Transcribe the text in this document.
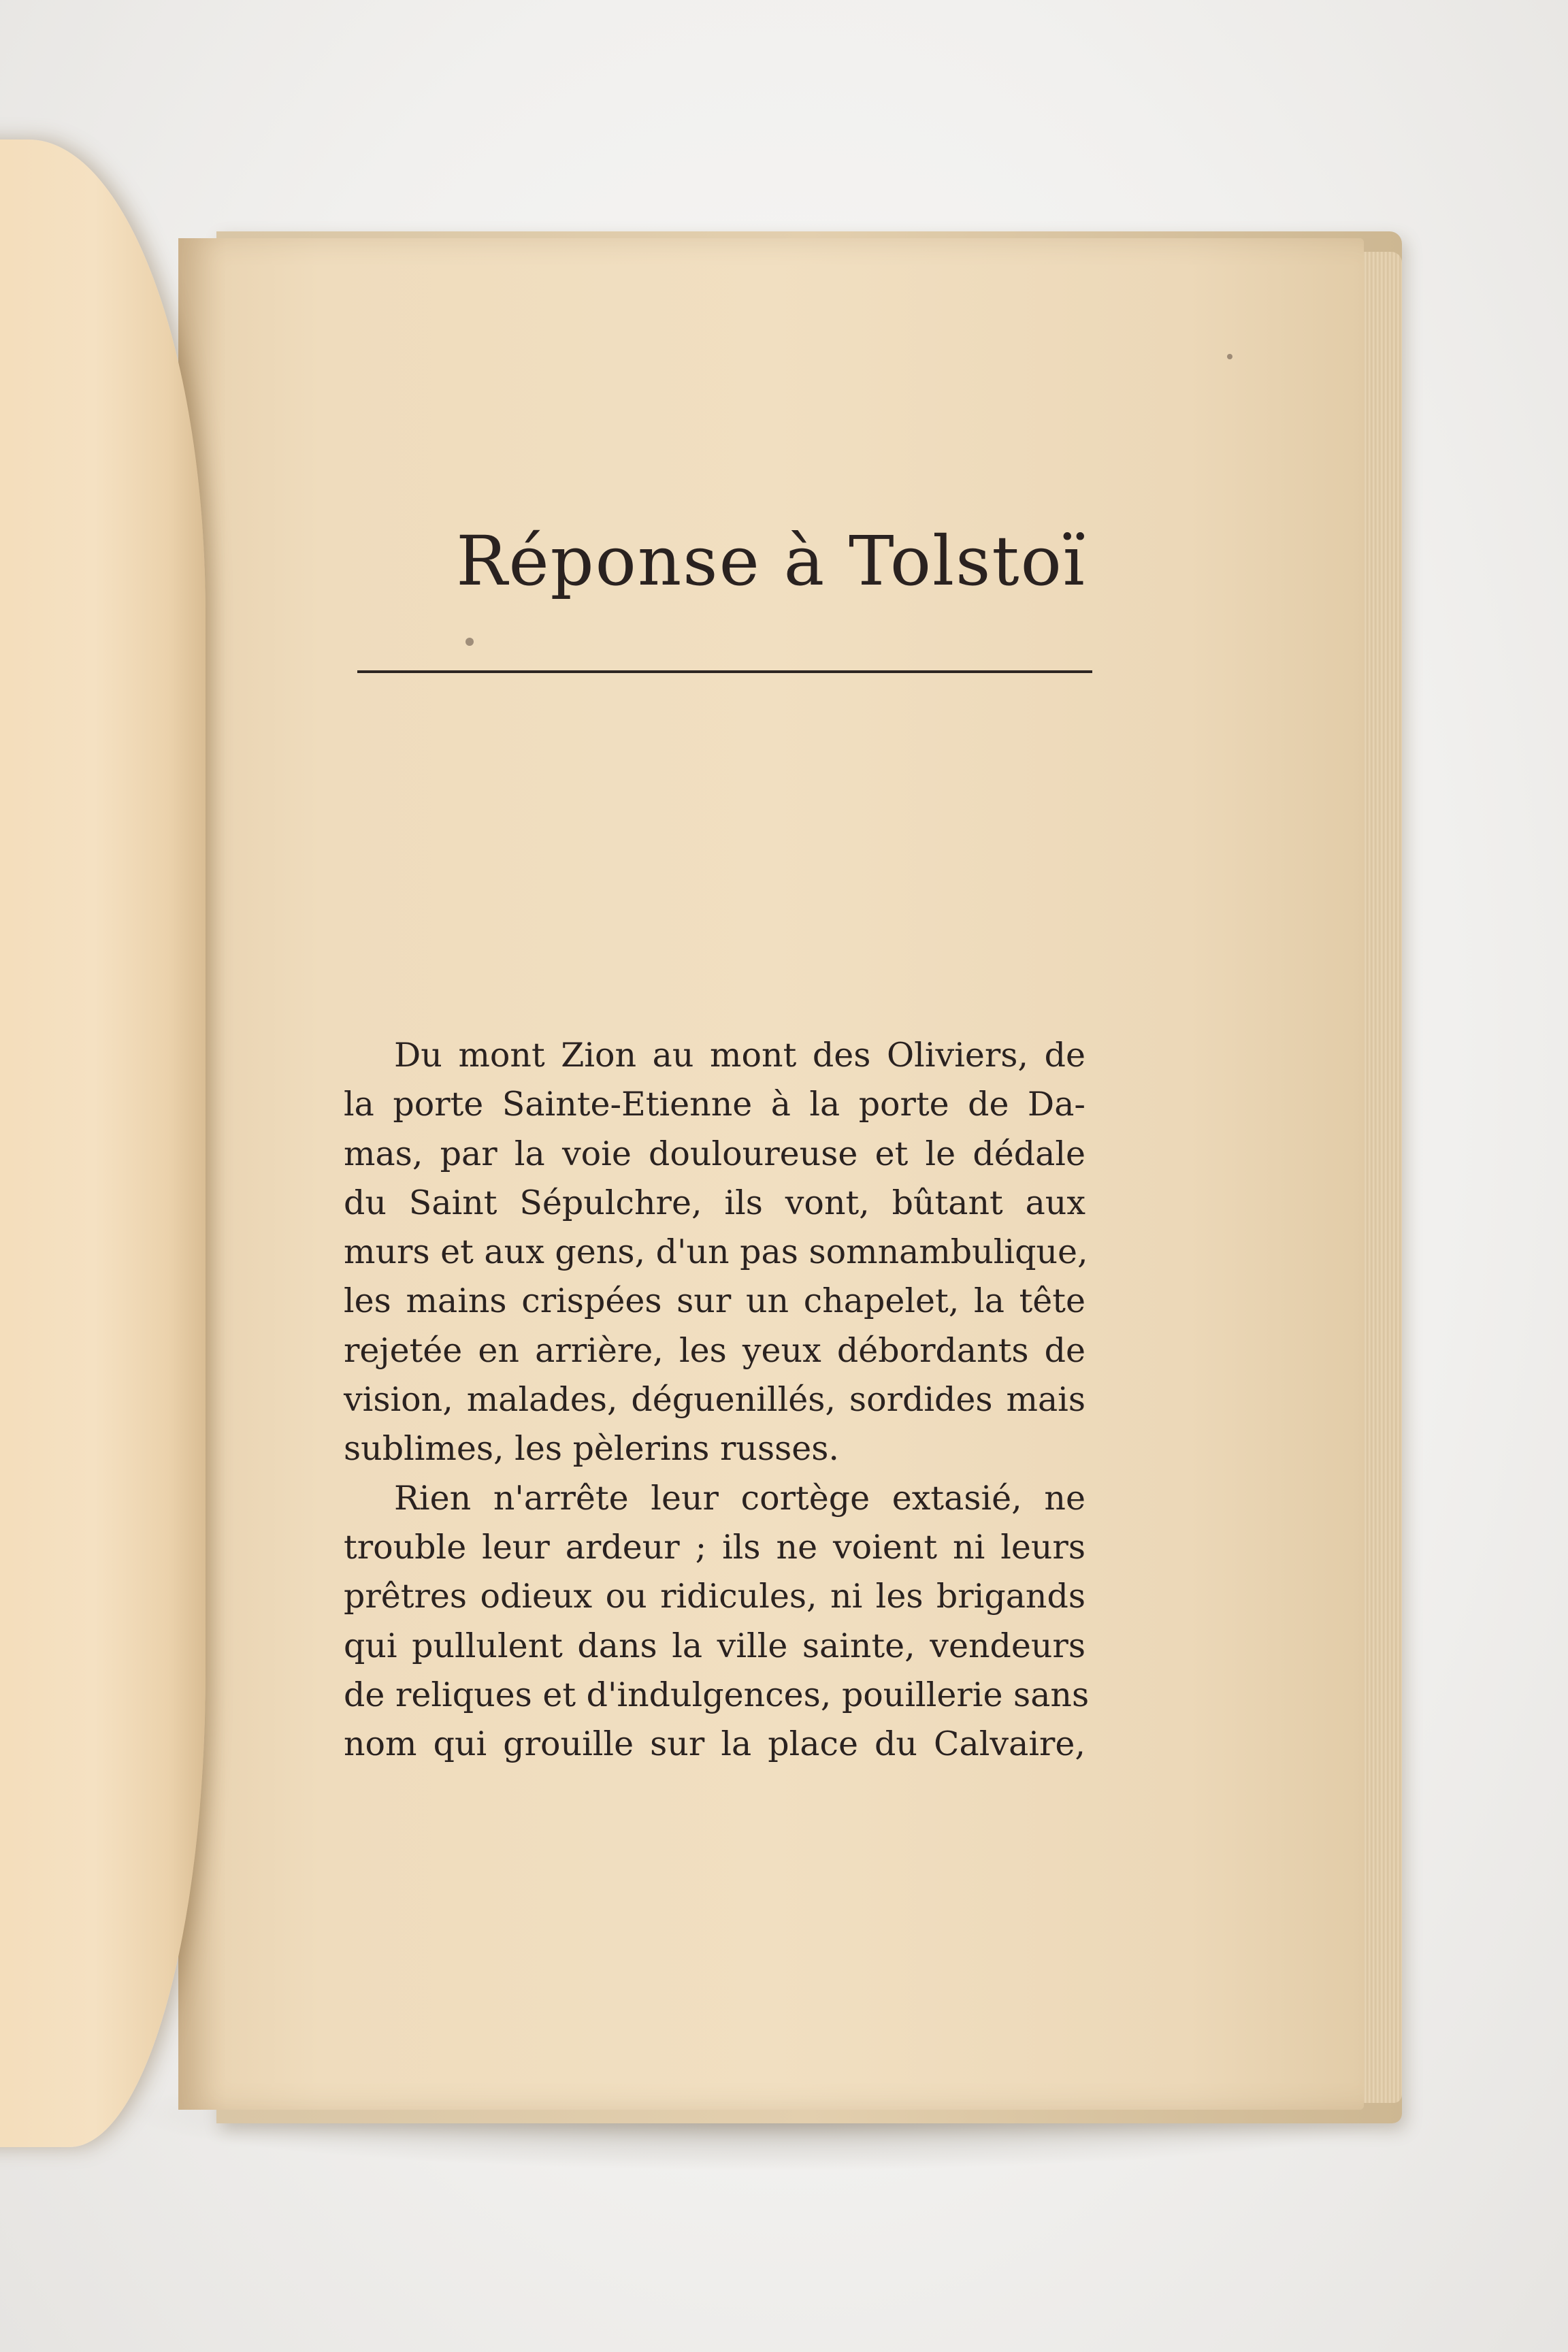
Réponse à Tolstoï
Du mont Zion au mont des Oliviers, de
la porte Sainte-Etienne à la porte de Da-
mas, par la voie douloureuse et le dédale
du Saint Sépulchre, ils vont, bûtant aux
murs et aux gens, d'un pas somnambulique,
les mains crispées sur un chapelet, la tête
rejetée en arrière, les yeux débordants de
vision, malades, déguenillés, sordides mais
sublimes, les pèlerins russes.
Rien n'arrête leur cortège extasié, ne
trouble leur ardeur ; ils ne voient ni leurs
prêtres odieux ou ridicules, ni les brigands
qui pullulent dans la ville sainte, vendeurs
de reliques et d'indulgences, pouillerie sans
nom qui grouille sur la place du Calvaire,
